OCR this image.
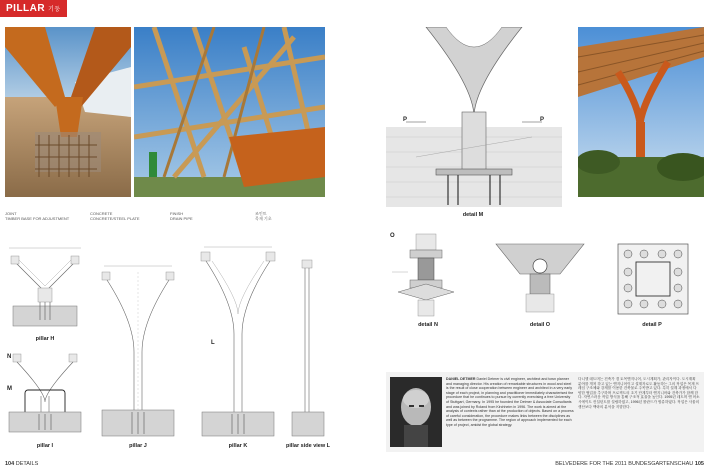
PILLAR 기둥
JOINT
TIMBER BASE FOR ADJUSTMENT
CONCRETE
CONCRETE/STEEL PLATE
FINISH
DRAIN PIPE
조인트
목재 기초
pillar H
N
M
pillar I	pillar J
L
pillar K	pillar side view L
P	P
detail M
O
detail N	detail O	detail P
DANIEL DETMER Daniel Detmer is civil engineer, architect and town planner and managing director. His creation of remarkable structures in wood and steel is the result of close cooperation between engineer and architect in a very early stage of each project, in planning and practitioner immediately characterised the procedure that he continues to pursue by currently exercising a free University of Stuttgart, Germany. In 1995 he founded the Detmer & Associate Consultants and was joined by Roland from Kirchheim in 1996. The work is aimed at the analysis of contexts rather than at the production of objects. Based on a process of careful consideration, the procedure makes links between the disciplines as well as between the programme. The region of approach implemented for each type of project, amidst the global strategy.
다니엘 데트머는 건축가 겸 토목엔지니어, 도시계획가, 관리자이다. 도시계획 분야를 개척 하고 있는 엔지니어이고 설계자로도 활동하는 그의 작업은 목재 프레임 구조체와 강재를 이용한 건축물로 주목받고 있다. 특히 설계 과정에서 다양한 협업을 추구하며 프로젝트의 초기 단계부터 엔지니어와 건축가가 함께 한다. 자연스러운 작업 방식을 통해 구조적 효율을 높인다. 1995년 데트머 앤 어소시에이트 컨설턴트를 설립하였고, 1996년 롤란드가 합류하였다. 작업은 사물의 생산보다 맥락의 분석을 지향한다.
104 DETAILS	BELVEDERE FOR THE 2011 BUNDESGARTENSCHAU 105
